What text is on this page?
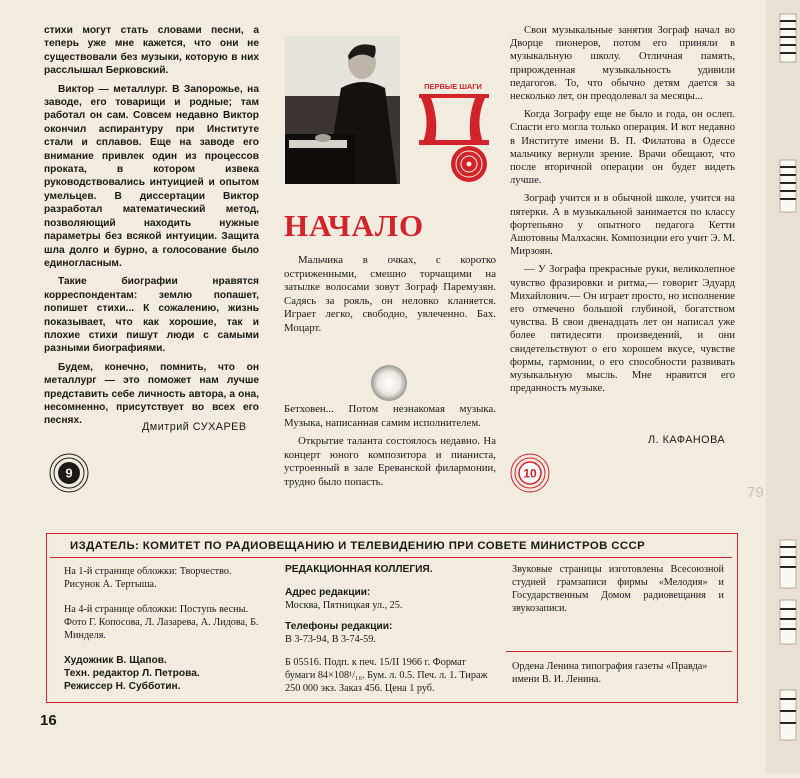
стихи могут стать словами песни, а теперь уже мне кажется, что они не существовали без музыки, которую в них расслышал Берковский.

Виктор — металлург. В Запорожье, на заводе, его товарищи и родные; там работал он сам. Совсем недавно Виктор окончил аспирантуру при Институте стали и сплавов. Еще на заводе его внимание привлек один из процессов проката, в котором извека руководствовались интуицией и опытом умельцев. В диссертации Виктор разработал математический метод, позволяющий находить нужные параметры без всякой интуиции. Защита шла долго и бурно, а голосование было единогласным.

Такие биографии нравятся корреспондентам: землю попашет, попишет стихи... К сожалению, жизнь показывает, что как хорошие, так и плохие стихи пишут люди с самыми разными биографиями.

Будем, конечно, помнить, что он металлург — это поможет нам лучше представить себе личность автора, а она, несомненно, присутствует во всех его песнях.

Дмитрий СУХАРЕВ
ПЕРВЫЕ ШАГИ
НАЧАЛО

Мальчика в очках, с коротко остриженными, смешно торчащими на затылке волосами зовут Зограф Паремузян. Садясь за рояль, он неловко кланяется. Играет легко, свободно, увлеченно. Бах. Моцарт.

Бетховен... Потом незнакомая музыка. Музыка, написанная самим исполнителем.

Открытие таланта состоялось недавно. На концерт юного композитора и пианиста, устроенный в зале Ереванской филармонии, трудно было попасть.

Свои музыкальные занятия Зограф начал во Дворце пионеров, потом его приняли в музыкальную школу. Отличная память, прирожденная музыкальность удивили педагогов. То, что обычно детям дается за несколько лет, он преодолевал за месяцы...

Когда Зографу еще не было и года, он ослеп. Спасти его могла только операция. И вот недавно в Институте имени В. П. Филатова в Одессе мальчику вернули зрение. Врачи обещают, что после вторичной операции он будет видеть лучше.

Зограф учится и в обычной школе, учится на пятерки. А в музыкальной занимается по классу фортепьяно у опытного педагога Кетти Ашотовны Малхасян. Композиции его учит Э. М. Мирзоян.

— У Зографа прекрасные руки, великолепное чувство фразировки и ритма,— говорит Эдуард Михайлович.— Он играет просто, но исполнение его отмечено большой глубиной, богатством чувства. В свои двенадцать лет он написал уже более пятидесяти произведений, и они свидетельствуют о его хорошем вкусе, чувстве формы, гармонии, о его способности развивать музыкальную мысль. Мне нравится его преданность музыке.

Л. КАФАНОВА
9	10
79
ИЗДАТЕЛЬ: КОМИТЕТ ПО РАДИОВЕЩАНИЮ И ТЕЛЕВИДЕНИЮ ПРИ СОВЕТЕ МИНИСТРОВ СССР
На 1-й странице обложки: Творчество. Рисунок А. Тертыша.
На 4-й странице обложки: Поступь весны. Фото Г. Копосова, Л. Лазарева, А. Лидова, Б. Минделя.
Художник В. Щапов.
Техн. редактор Л. Петрова.
Режиссер Н. Субботин.
РЕДАКЦИОННАЯ КОЛЛЕГИЯ.
Адрес редакции:
Москва, Пятницкая ул., 25.
Телефоны редакции:
В 3-73-94, В 3-74-59.
Б 05516. Подп. к печ. 15/II 1966 г. Формат бумаги 84×108¹/₁₆. Бум. л. 0.5. Печ. л. 1. Тираж 250 000 экз. Заказ 456. Цена 1 руб.
Звуковые страницы изготовлены Всесоюзной студией грамзаписи фирмы «Мелодия» и Государственным Домом радиовещания и звукозаписи.
Ордена Ленина типография газеты «Правда» имени В. И. Ленина.
16
